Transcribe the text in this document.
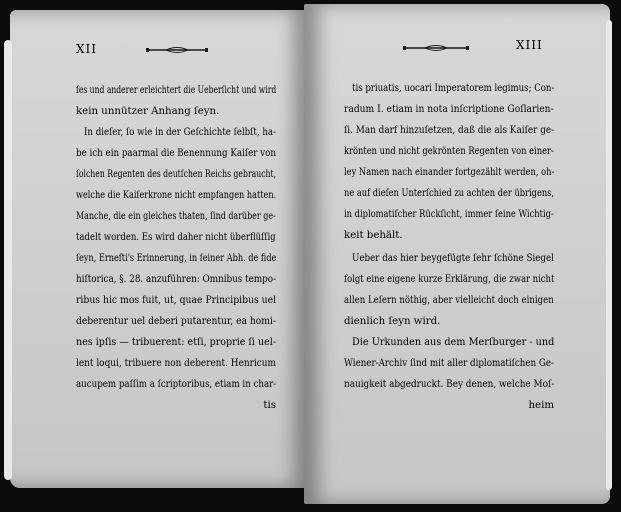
XII	XIII
ſes und anderer erleichtert die Ueberſicht und wird
kein unnützer Anhang ſeyn.
In dieſer, ſo wie in der Geſchichte ſelbſt, ha-
be ich ein paarmal die Benennung Kaiſer von
ſolchen Regenten des deutſchen Reichs gebraucht,
welche die Kaiſerkrone nicht empfangen hatten.
Manche, die ein gleiches thaten, ſind darüber ge-
tadelt worden. Es wird daher nicht überflüſſig
ſeyn, Erneſti's Erinnerung, in ſeiner Abh. de fide
hiſtorica, §. 28. anzuführen: Omnibus tempo-
ribus hic mos fuit, ut, quae Principibus uel
deberentur uel deberi putarentur, ea homi-
nes ipſis — tribuerent: etſi, proprie ſi uel-
lent loqui, tribuere non deberent. Henricum
aucupem paſſim a ſcriptoribus, etiam in char-
tis
tis priuatis, uocari Imperatorem legimus; Con-
radum I. etiam in nota inſcriptione Goſlarien-
ſi. Man darf hinzuſetzen, daß die als Kaiſer ge-
krönten und nicht gekrönten Regenten von einer-
ley Namen nach einander fortgezählt werden, oh-
ne auf dieſen Unterſchied zu achten der übrigens,
in diplomatiſcher Rückſicht, immer ſeine Wichtig-
keit behält.
Ueber das hier beygefügte ſehr ſchöne Siegel
folgt eine eigene kurze Erklärung, die zwar nicht
allen Leſern nöthig, aber vielleicht doch einigen
dienlich ſeyn wird.
Die Urkunden aus dem Merſburger - und
Wiener-Archiv ſind mit aller diplomatiſchen Ge-
nauigkeit abgedruckt. Bey denen, welche Moſ-
heim
